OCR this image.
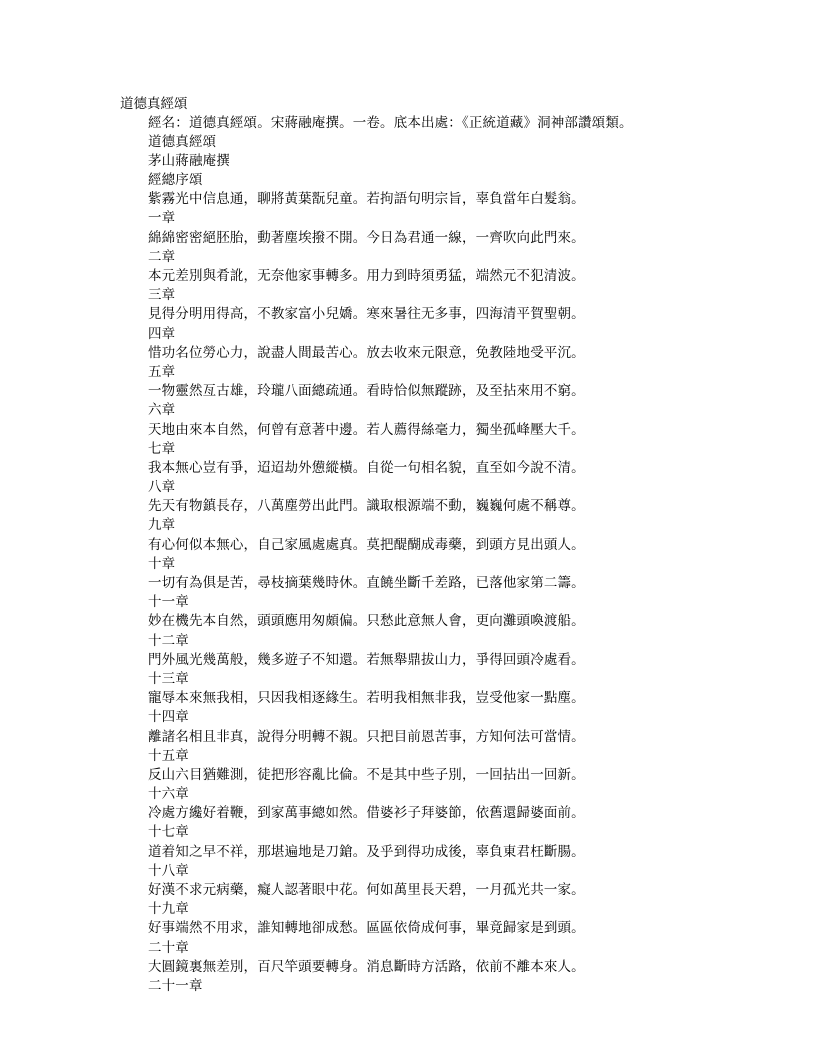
道德真經頌
經名：道德真經頌。宋蔣融庵撰。一卷。底本出處：《正統道藏》洞神部讚頌類。
道德真經頌
茅山蔣融庵撰
經總序頌
紫霧光中信息通，聊將黃葉翫兒童。若拘語句明宗旨，辜負當年白髮翁。
一章
綿綿密密絕胚胎，動著塵埃撥不開。今日為君通一線，一齊吹向此門來。
二章
本元差別與肴訛，无奈他家事轉多。用力到時須勇猛，端然元不犯清波。
三章
見得分明用得高，不教家富小兒嬌。寒來暑往无多事，四海清平賀聖朝。
四章
惜功名位勞心力，說盡人間最苦心。放去收來元限意，免教陸地受平沉。
五章
一物靈然亙古雄，玲瓏八面總疏通。看時恰似無蹤跡，及至拈來用不窮。
六章
天地由來本自然，何曾有意著中邊。若人薦得絲毫力，獨坐孤峰壓大千。
七章
我本無心豈有爭，迢迢劫外憊縱橫。自從一句相名貌，直至如今說不清。
八章
先天有物鎮長存，八萬塵勞出此門。識取根源端不動，巍巍何處不稱尊。
九章
有心何似本無心，自己家風處處真。莫把醍醐成毒藥，到頭方見出頭人。
十章
一切有為俱是苦，尋枝摘葉幾時休。直饒坐斷千差路，已落他家第二籌。
十一章
妙在機先本自然，頭頭應用匆頗偏。只愁此意無人會，更向灘頭喚渡船。
十二章
門外風光幾萬般，幾多遊子不知還。若無舉鼎拔山力，爭得回頭冷處看。
十三章
寵辱本來無我相，只因我相逐緣生。若明我相無非我，豈受他家一點塵。
十四章
離諸名相且非真，說得分明轉不親。只把目前恩苦事，方知何法可當情。
十五章
反山六目猶難測，徒把形容亂比倫。不是其中些子別，一回拈出一回新。
十六章
冷處方纔好着鞭，到家萬事總如然。借婆衫子拜婆節，依舊還歸婆面前。
十七章
道着知之早不祥，那堪遍地是刀鎗。及乎到得功成後，辜負東君枉斷腸。
十八章
好漢不求元病藥，癡人認著眼中花。何如萬里長天碧，一月孤光共一家。
十九章
好事端然不用求，誰知轉地卻成愁。區區依倚成何事，畢竟歸家是到頭。
二十章
大圓鏡裏無差別，百尺竿頭要轉身。消息斷時方活路，依前不離本來人。
二十一章
